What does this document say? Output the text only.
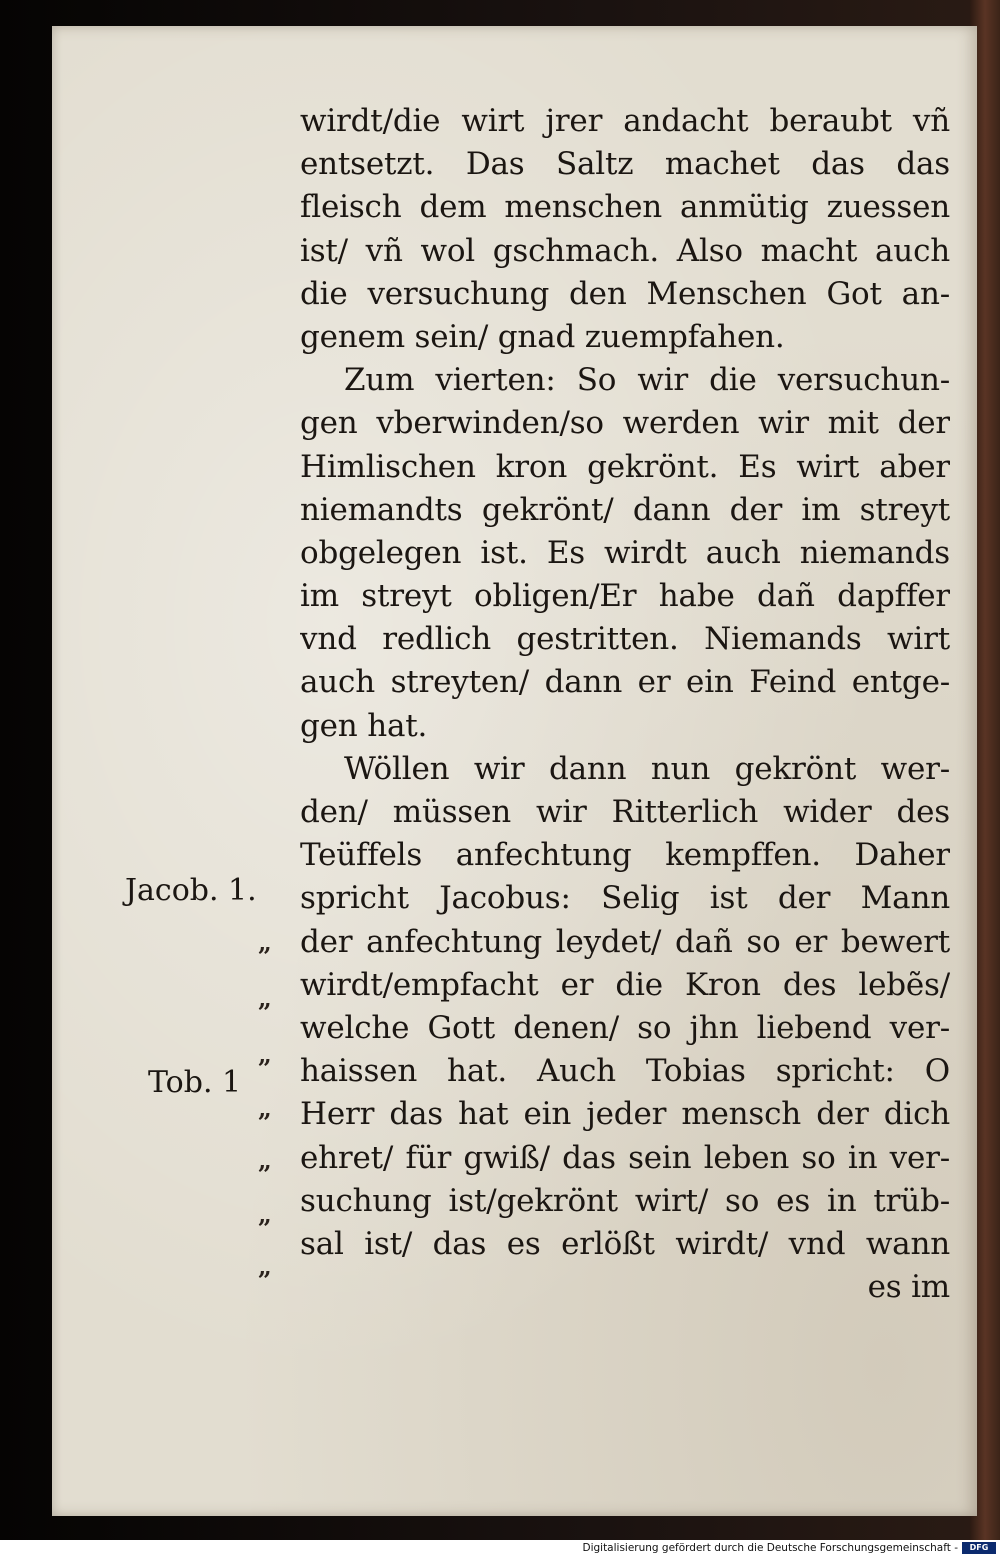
wirdt/die wirt jrer andacht beraubt vñ
entsetzt. Das Saltz machet das das
fleisch dem menschen anmütig zuessen
ist/ vñ wol gschmach. Also macht auch
die versuchung den Menschen Got an-
genem sein/ gnad zuempfahen.
Zum vierten: So wir die versuchun-
gen vberwinden/so werden wir mit der
Himlischen kron gekrönt. Es wirt aber
niemandts gekrönt/ dann der im streyt
obgelegen ist. Es wirdt auch niemands
im streyt obligen/Er habe dañ dapffer
vnd redlich gestritten. Niemands wirt
auch streyten/ dann er ein Feind entge-
gen hat.
Wöllen wir dann nun gekrönt wer-
den/ müssen wir Ritterlich wider des
Teüffels anfechtung kempffen. Daher
spricht Jacobus: Selig ist der Mann
der anfechtung leydet/ dañ so er bewert
wirdt/empfacht er die Kron des lebẽs/
welche Gott denen/ so jhn liebend ver-
haissen hat. Auch Tobias spricht: O
Herr das hat ein jeder mensch der dich
ehret/ für gwiß/ das sein leben so in ver-
suchung ist/gekrönt wirt/ so es in trüb-
sal ist/ das es erlößt wirdt/ vnd wann
es im
Jacob. 1.
Tob. 1
„
„
„
„
„
„
„
Digitalisierung gefördert durch die Deutsche Forschungsgemeinschaft -	DFG
